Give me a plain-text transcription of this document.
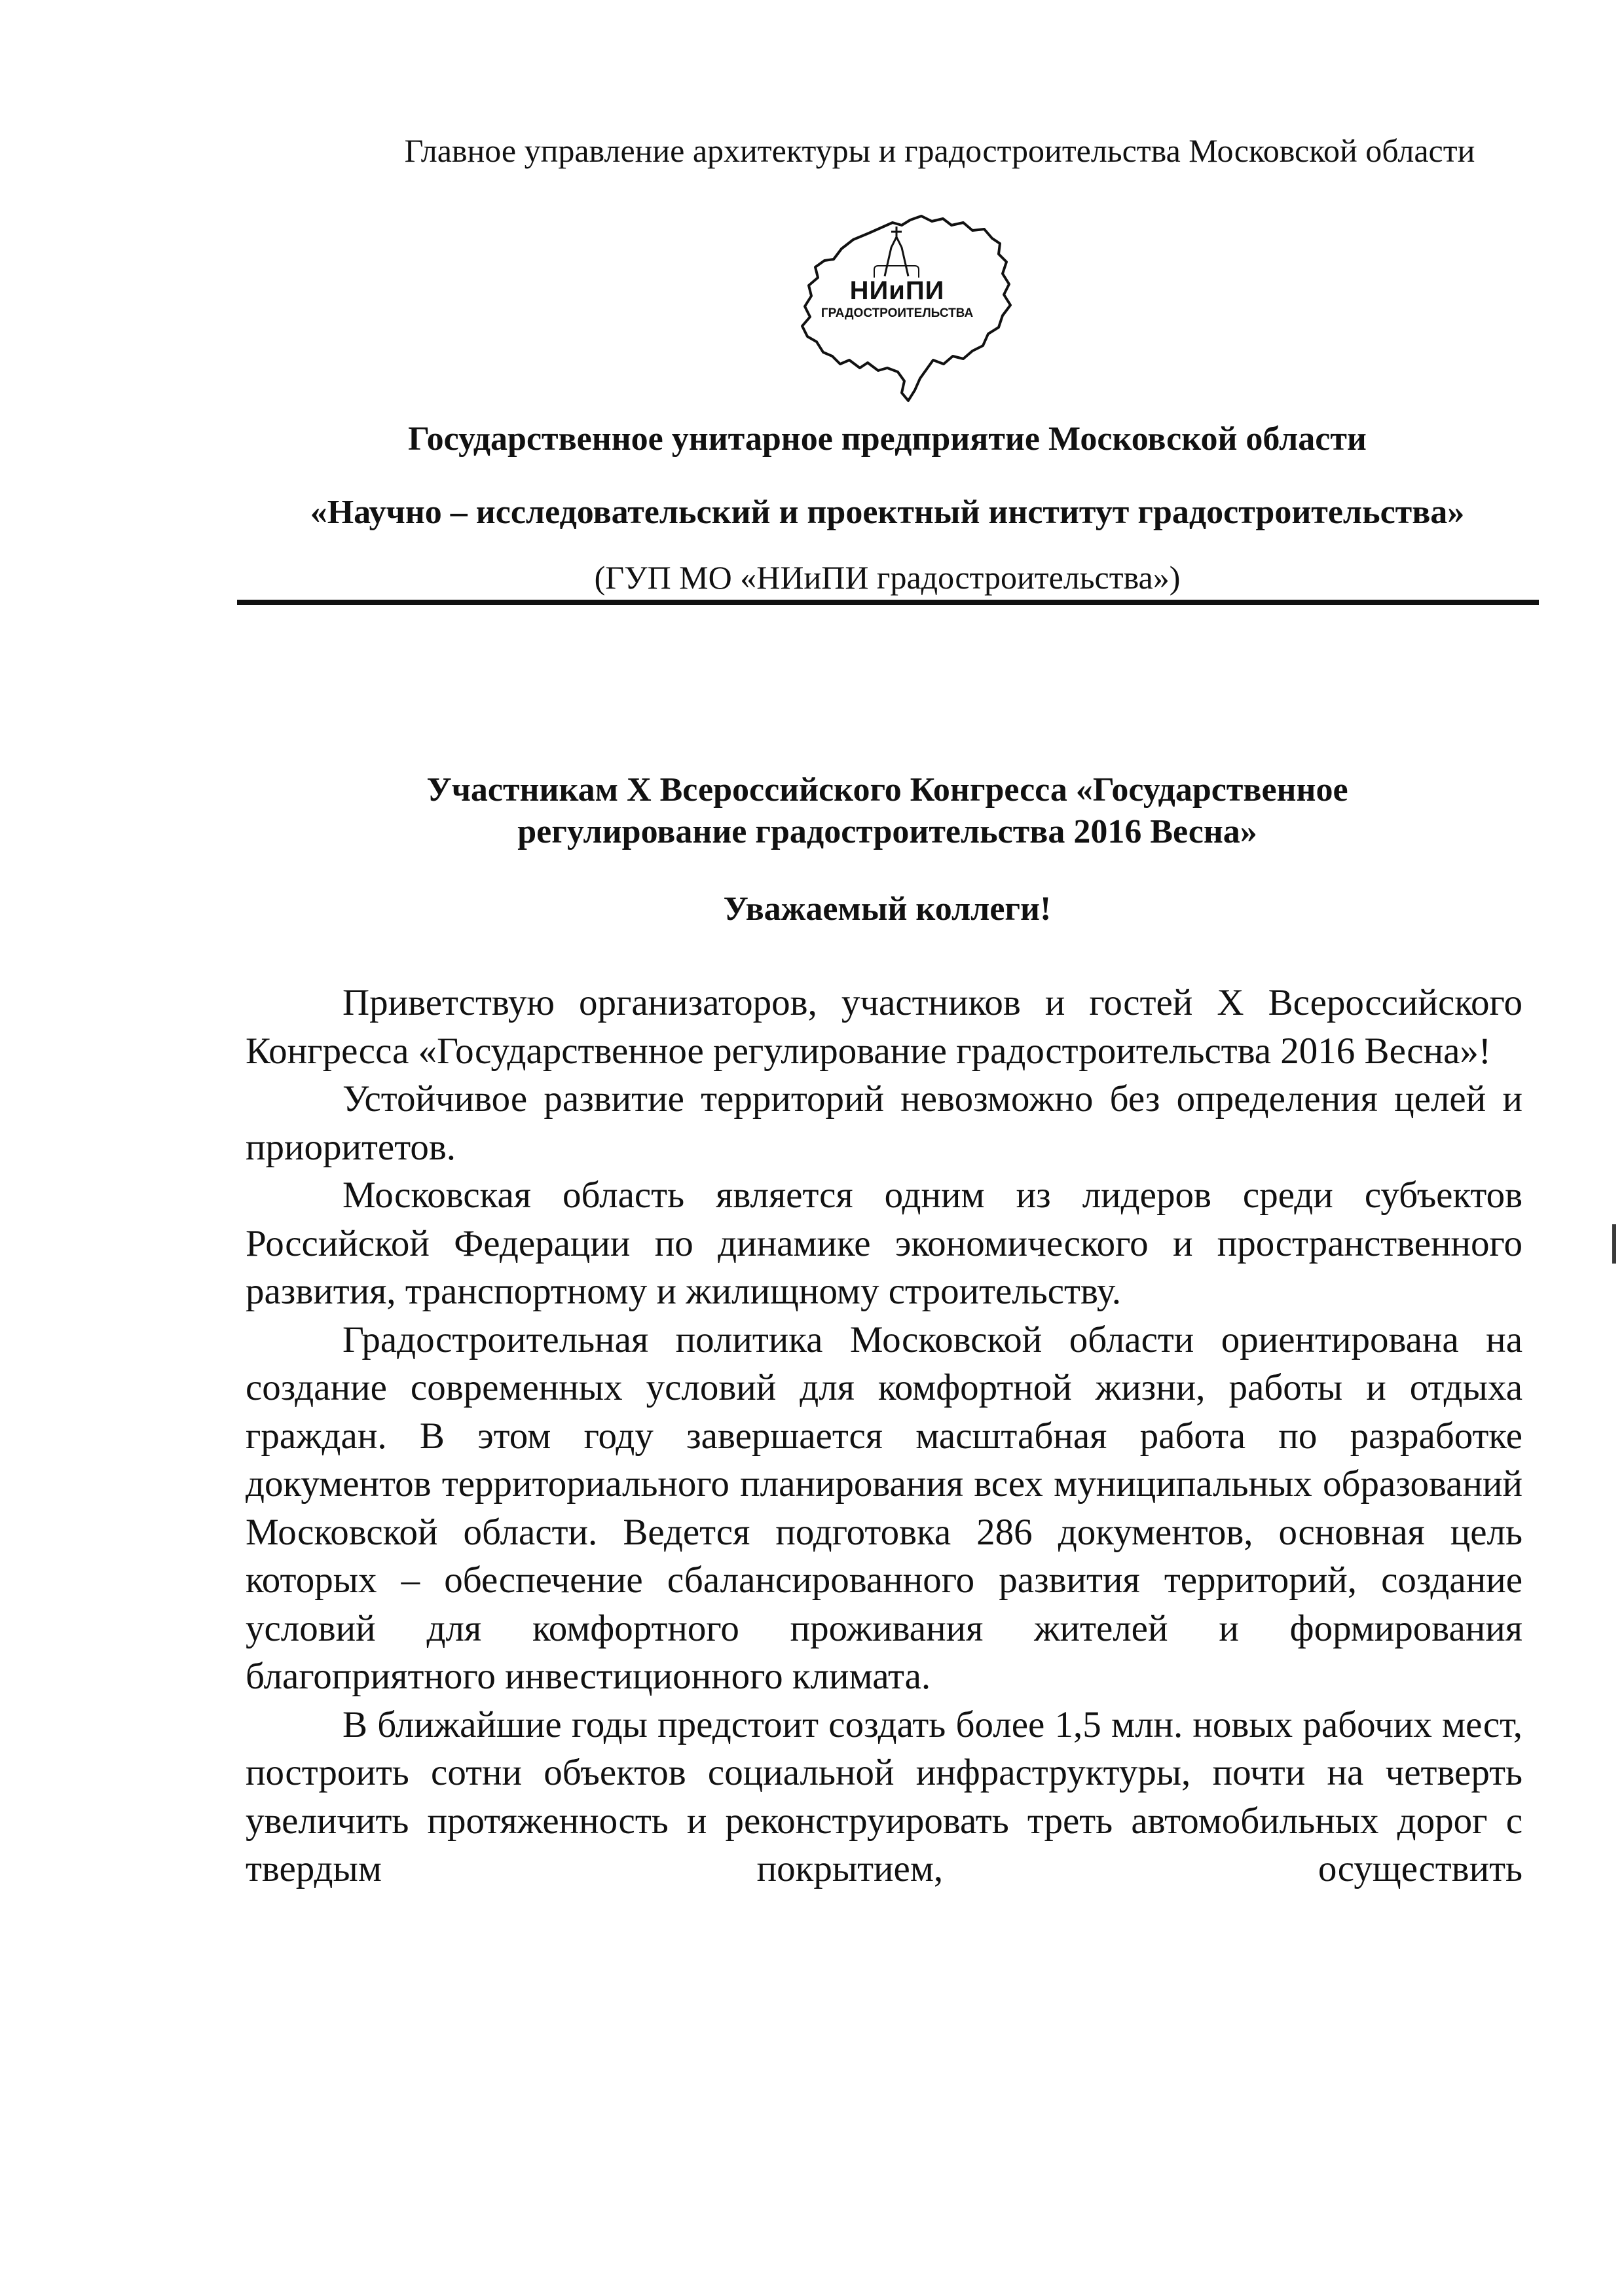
Главное управление архитектуры и градостроительства Московской области
НИиПИ
ГРАДОСТРОИТЕЛЬСТВА
Государственное унитарное предприятие Московской области
«Научно – исследовательский и проектный институт градостроительства»
(ГУП МО «НИиПИ градостроительства»)
Участникам X Всероссийского Конгресса «Государственное
регулирование градостроительства 2016 Весна»
Уважаемый коллеги!

Приветствую организаторов, участников и гостей X Всероссийского Конгресса «Государственное регулирование градостроительства 2016 Весна»!

Устойчивое развитие территорий невозможно без определения целей и приоритетов.

Московская область является одним из лидеров среди субъектов Российской Федерации по динамике экономического и пространственного развития, транспортному и жилищному строительству.

Градостроительная политика Московской области ориентирована на создание современных условий для комфортной жизни, работы и отдыха граждан. В этом году завершается масштабная работа по разработке документов территориального планирования всех муниципальных образований Московской области. Ведется подготовка 286 документов, основная цель которых – обеспечение сбалансированного развития территорий, создание условий для комфортного проживания жителей и формирования благоприятного инвестиционного климата.

В ближайшие годы предстоит создать более 1,5 млн. новых рабочих мест, построить сотни объектов социальной инфраструктуры, почти на четверть увеличить протяженность и реконструировать треть автомобильных дорог с твердым покрытием, осуществить
